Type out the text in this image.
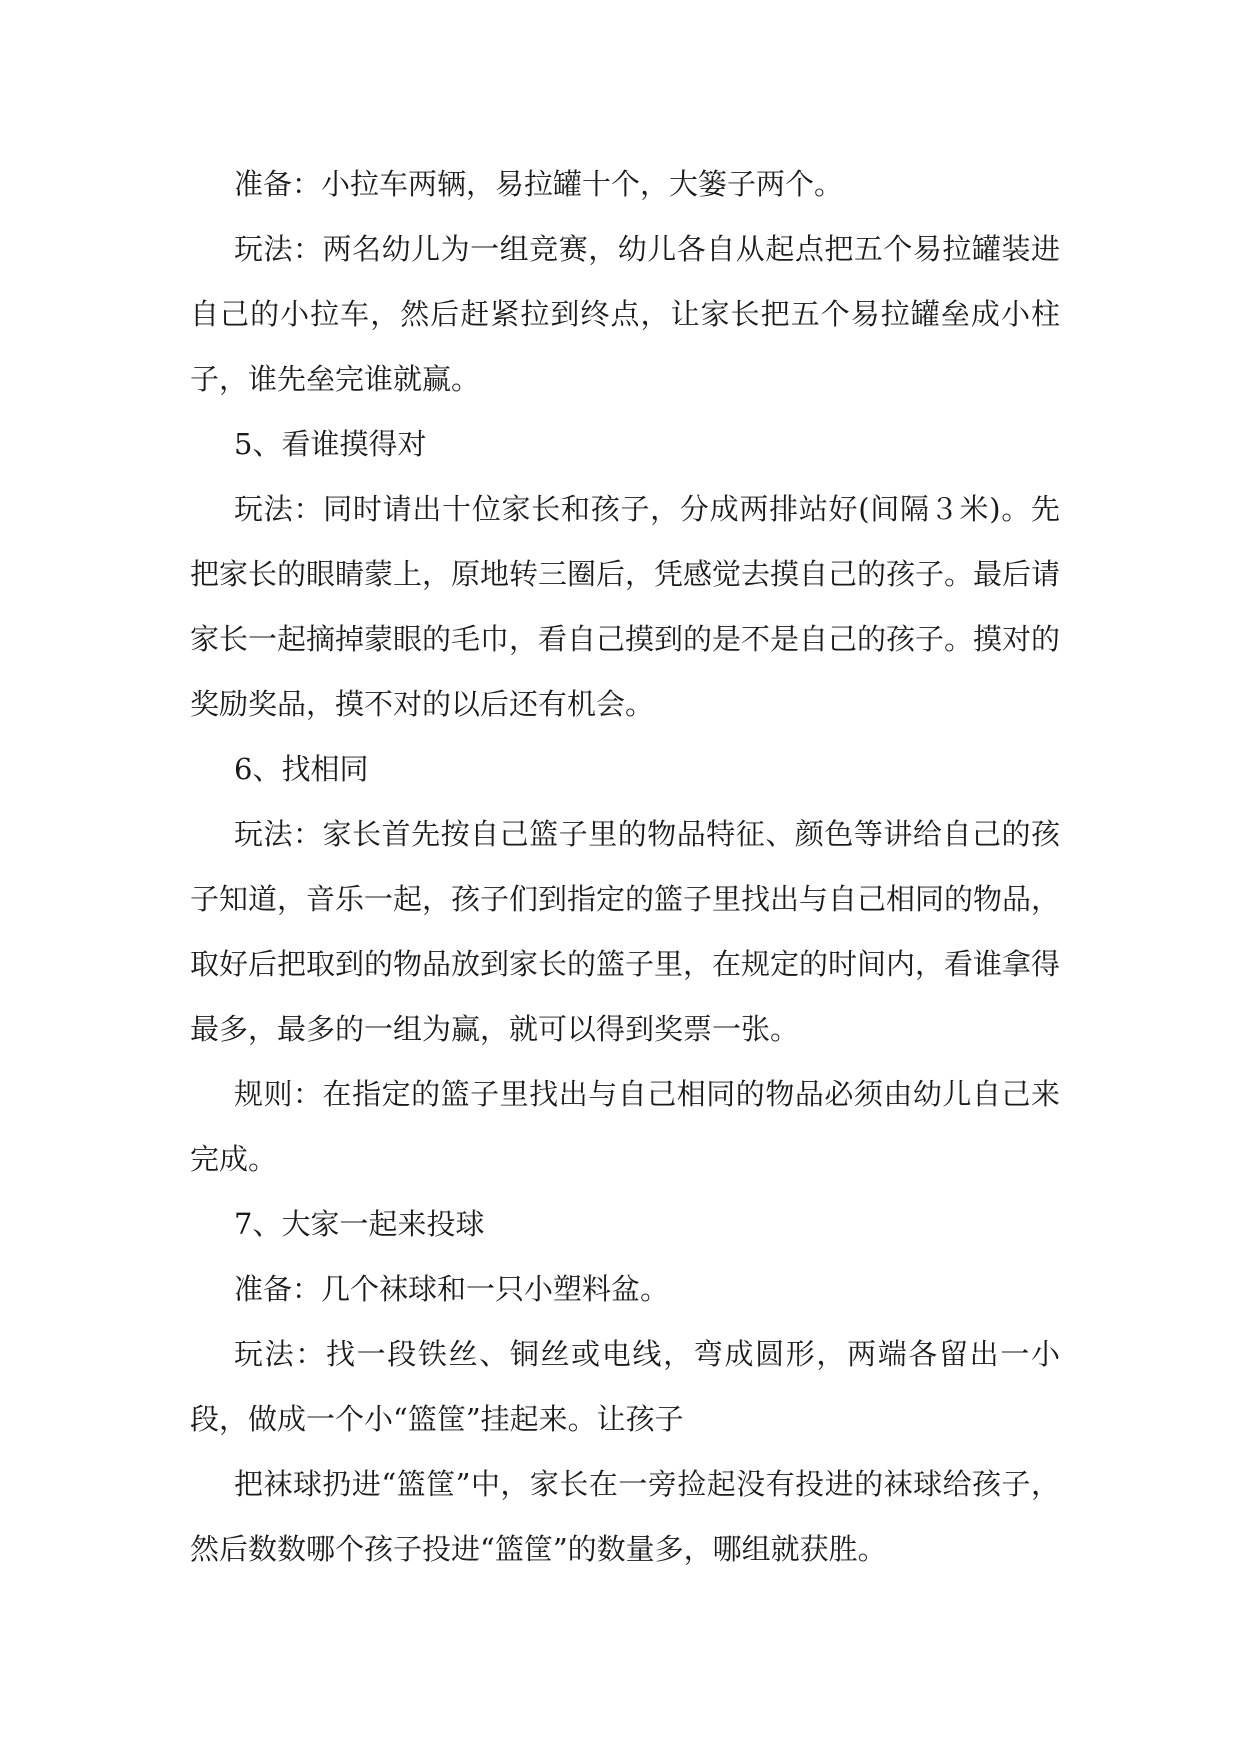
准备：小拉车两辆，易拉罐十个，大篓子两个。

玩法：两名幼儿为一组竞赛，幼儿各自从起点把五个易拉罐装进自己的小拉车，然后赶紧拉到终点，让家长把五个易拉罐垒成小柱子，谁先垒完谁就赢。

5、看谁摸得对

玩法：同时请出十位家长和孩子，分成两排站好(间隔３米)。先把家长的眼睛蒙上，原地转三圈后，凭感觉去摸自己的孩子。最后请家长一起摘掉蒙眼的毛巾，看自己摸到的是不是自己的孩子。摸对的奖励奖品，摸不对的以后还有机会。

6、找相同

玩法：家长首先按自己篮子里的物品特征、颜色等讲给自己的孩子知道，音乐一起，孩子们到指定的篮子里找出与自己相同的物品，取好后把取到的物品放到家长的篮子里，在规定的时间内，看谁拿得最多，最多的一组为赢，就可以得到奖票一张。

规则：在指定的篮子里找出与自己相同的物品必须由幼儿自己来完成。

7、大家一起来投球

准备：几个袜球和一只小塑料盆。

玩法：找一段铁丝、铜丝或电线，弯成圆形，两端各留出一小段，做成一个小“篮筐”挂起来。让孩子

把袜球扔进“篮筐”中，家长在一旁捡起没有投进的袜球给孩子，然后数数哪个孩子投进“篮筐”的数量多，哪组就获胜。
